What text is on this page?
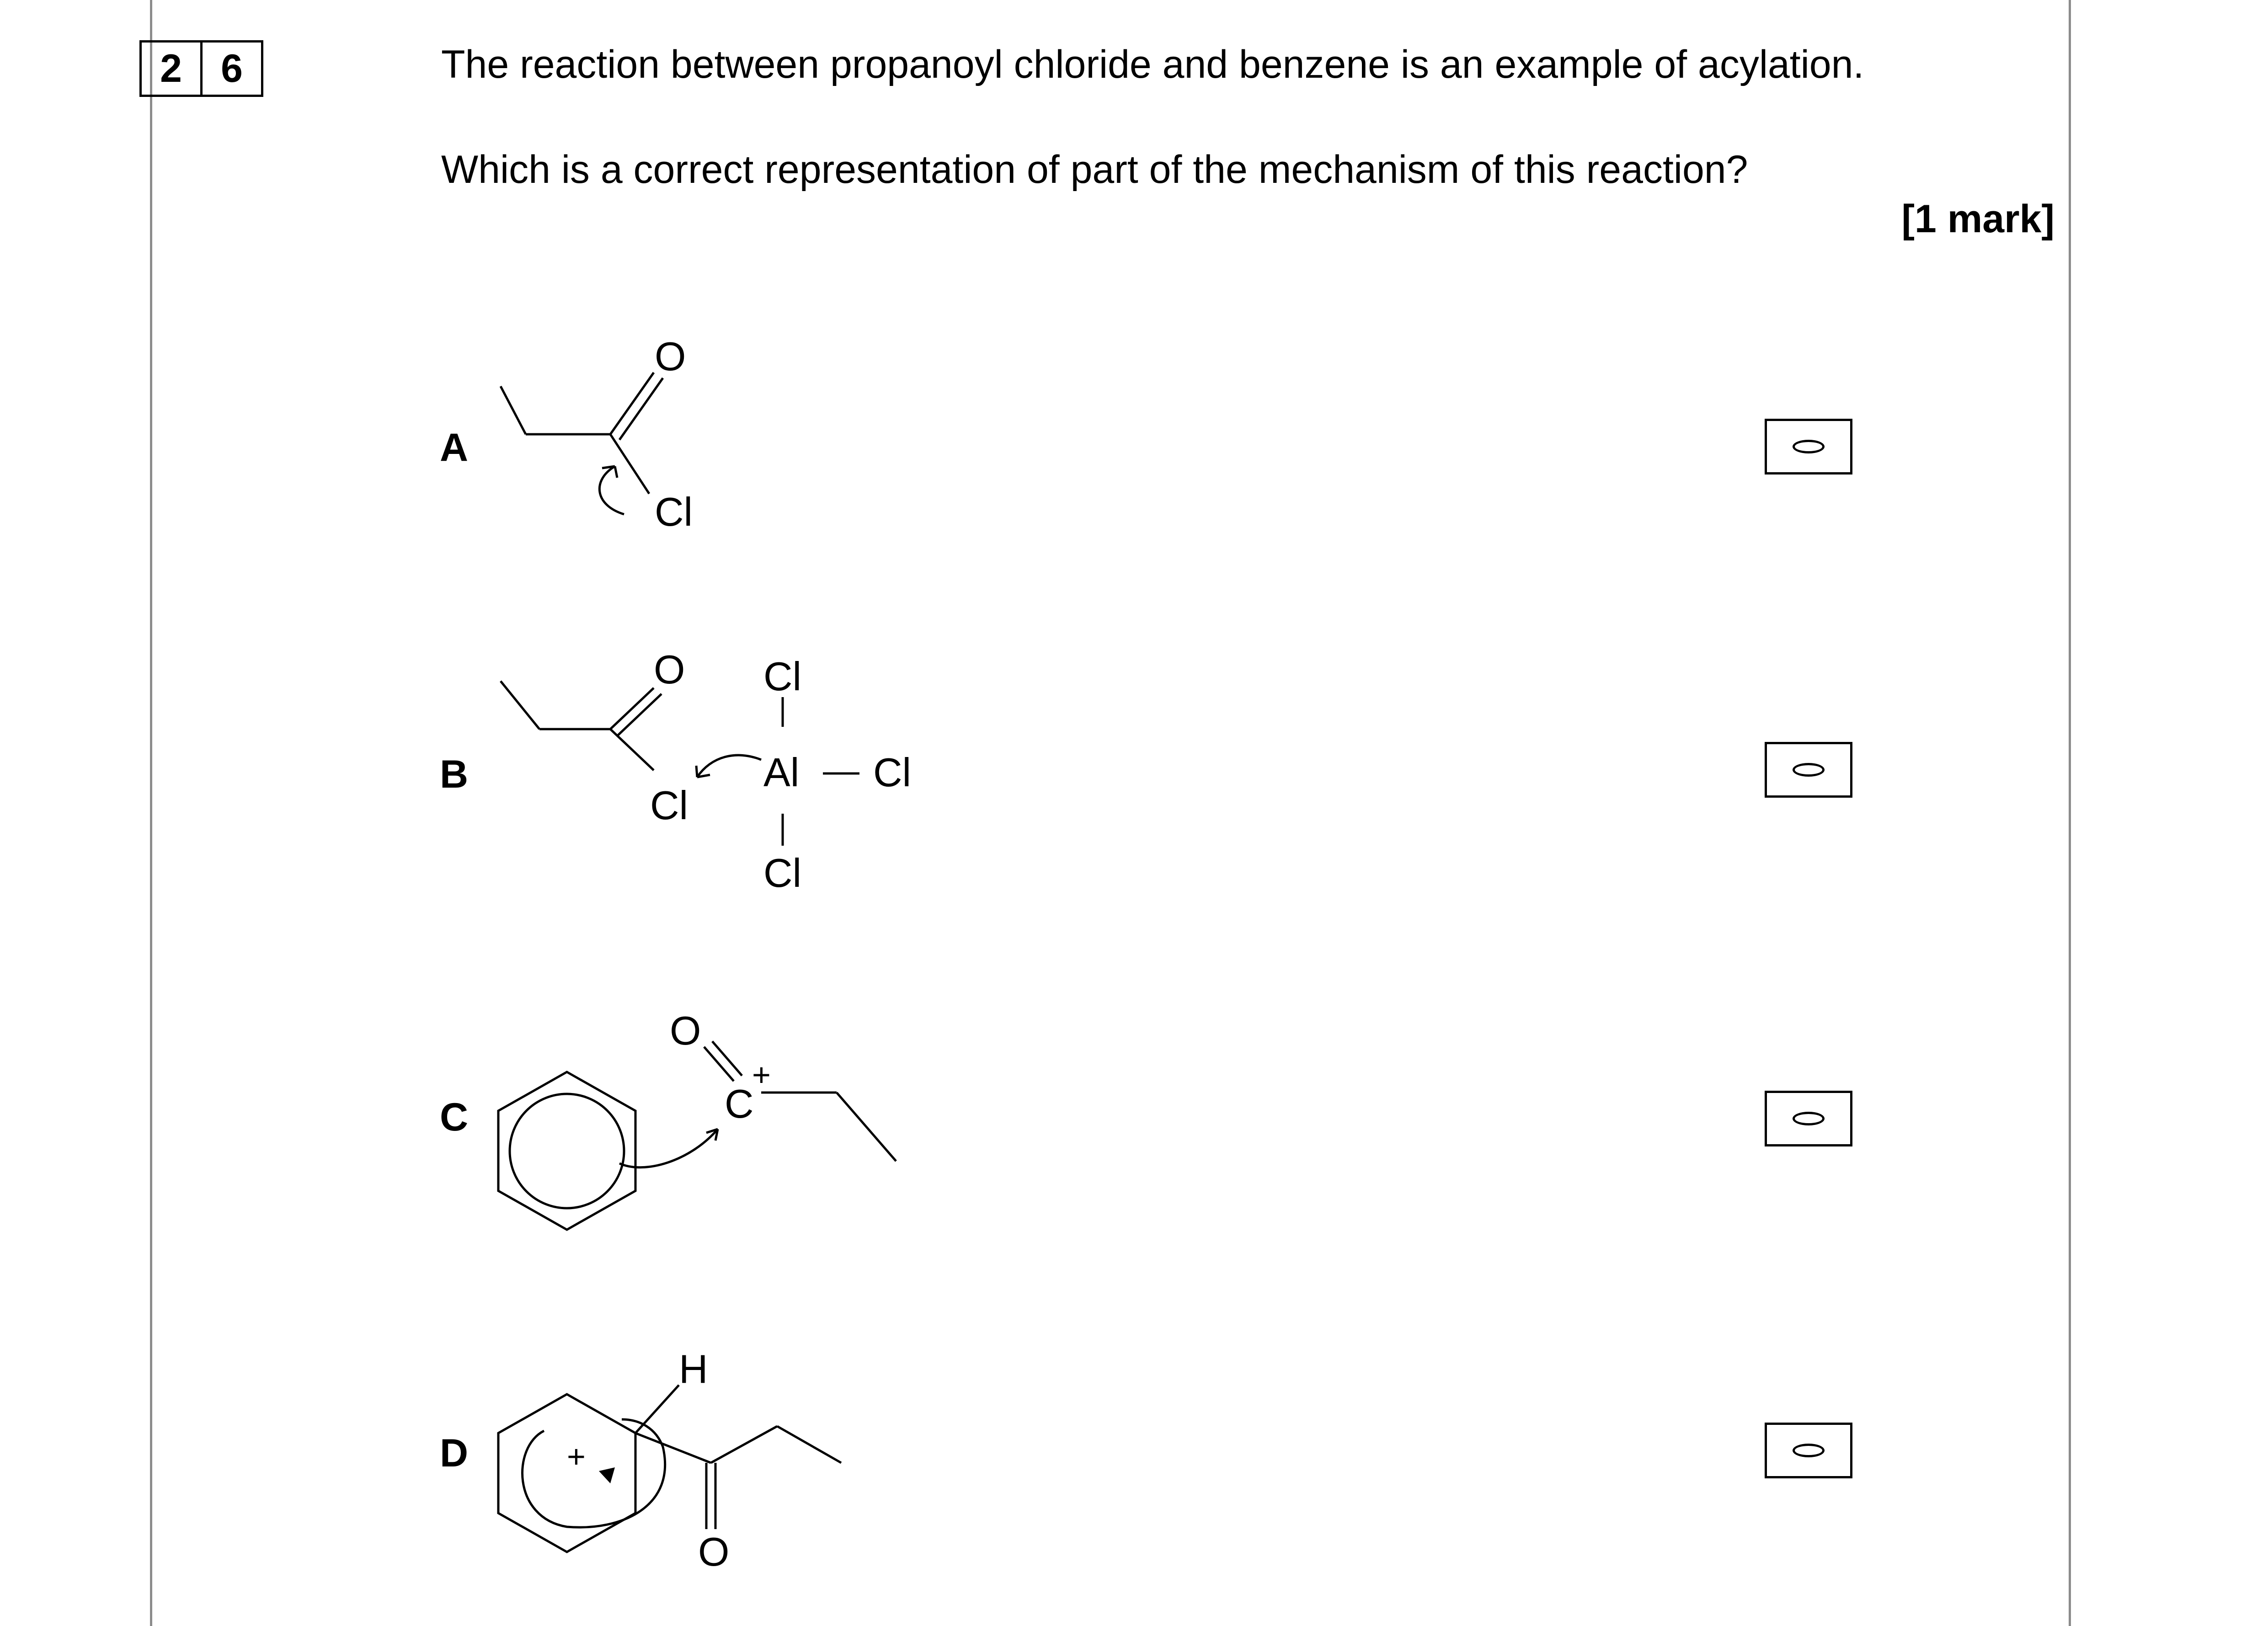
2 6	The reaction between propanoyl chloride and benzene is an example of acylation.
Which is a correct representation of part of the mechanism of this reaction?
[1 mark]
A
O
Cl
B
O
Cl
Al
Cl
Cl
Cl
C
O
C
+
D
H
O
+
